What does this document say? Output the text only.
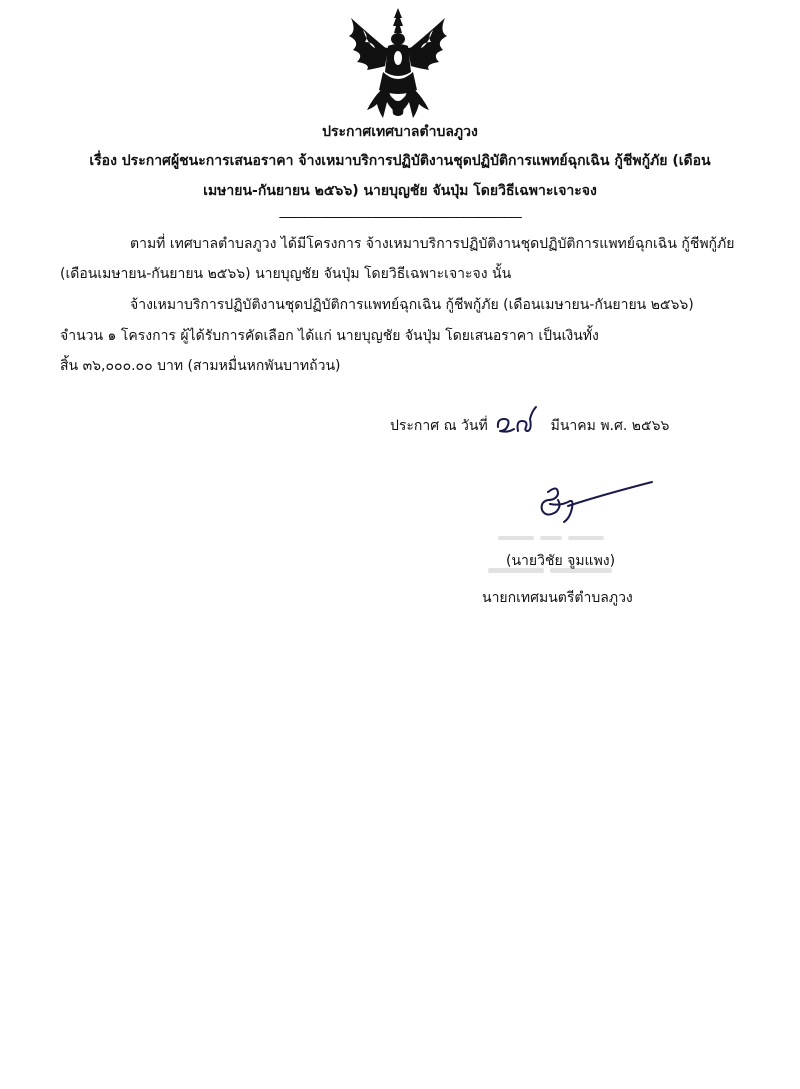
ประกาศเทศบาลตำบลภูวง
เรื่อง ประกาศผู้ชนะการเสนอราคา จ้างเหมาบริการปฏิบัติงานชุดปฏิบัติการแพทย์ฉุกเฉิน กู้ชีพกู้ภัย (เดือน
เมษายน-กันยายน ๒๕๖๖) นายบุญชัย จันปุ่ม โดยวิธีเฉพาะเจาะจง
--------------------------------------------------------------------------------
ตามที่ เทศบาลตำบลภูวง ได้มีโครงการ จ้างเหมาบริการปฏิบัติงานชุดปฏิบัติการแพทย์ฉุกเฉิน กู้ชีพกู้ภัย
(เดือนเมษายน-กันยายน ๒๕๖๖) นายบุญชัย จันปุ่ม โดยวิธีเฉพาะเจาะจง นั้น
จ้างเหมาบริการปฏิบัติงานชุดปฏิบัติการแพทย์ฉุกเฉิน กู้ชีพกู้ภัย (เดือนเมษายน-กันยายน ๒๕๖๖)
จำนวน ๑ โครงการ ผู้ได้รับการคัดเลือก ได้แก่ นายบุญชัย จันปุ่ม โดยเสนอราคา เป็นเงินทั้ง
สิ้น ๓๖,๐๐๐.๐๐ บาท (สามหมื่นหกพันบาทถ้วน)
ประกาศ ณ วันที่	มีนาคม พ.ศ. ๒๕๖๖
(นายวิชัย จูมแพง)
นายกเทศมนตรีตำบลภูวง
